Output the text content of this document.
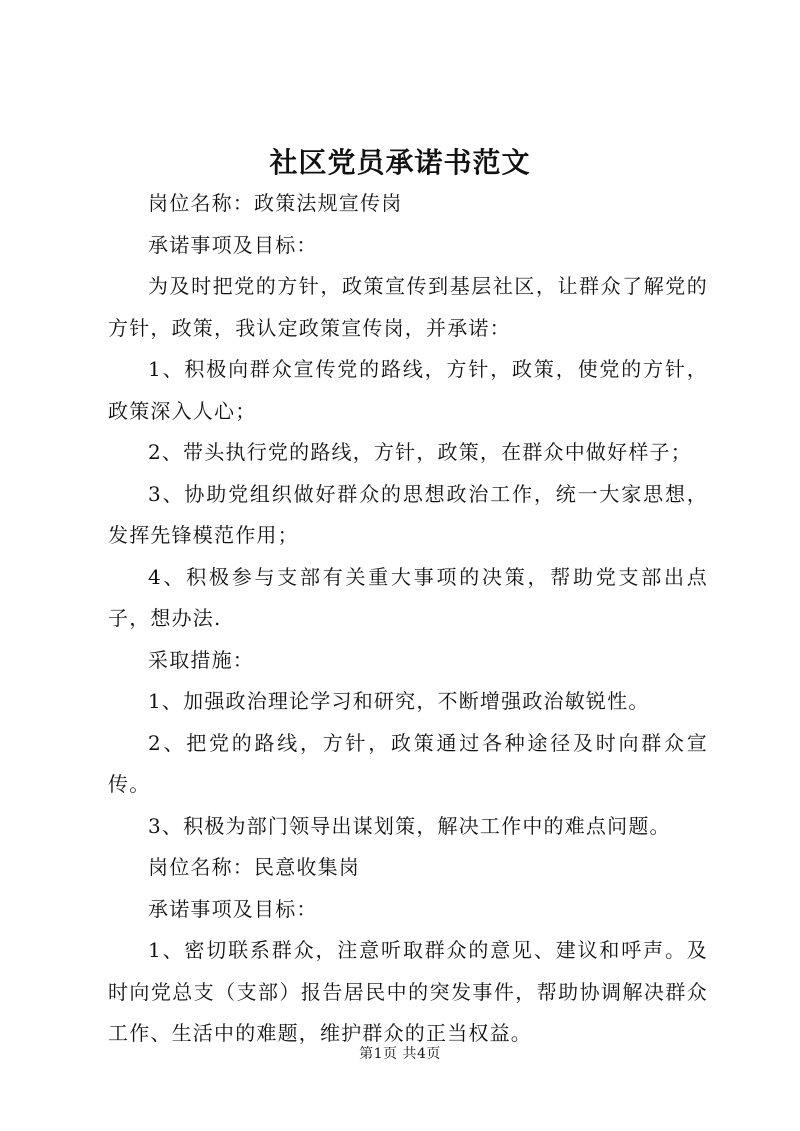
社区党员承诺书范文

岗位名称：政策法规宣传岗

承诺事项及目标：

为及时把党的方针，政策宣传到基层社区，让群众了解党的方针，政策，我认定政策宣传岗，并承诺：

1、积极向群众宣传党的路线，方针，政策，使党的方针，政策深入人心；

2、带头执行党的路线，方针，政策，在群众中做好样子；

3、协助党组织做好群众的思想政治工作，统一大家思想，发挥先锋模范作用；

4、积极参与支部有关重大事项的决策，帮助党支部出点子，想办法.

采取措施：

1、加强政治理论学习和研究，不断增强政治敏锐性。

2、把党的路线，方针，政策通过各种途径及时向群众宣传。

3、积极为部门领导出谋划策，解决工作中的难点问题。

岗位名称：民意收集岗

承诺事项及目标：

1、密切联系群众，注意听取群众的意见、建议和呼声。及时向党总支（支部）报告居民中的突发事件，帮助协调解决群众工作、生活中的难题，维护群众的正当权益。

第1页 共4页
